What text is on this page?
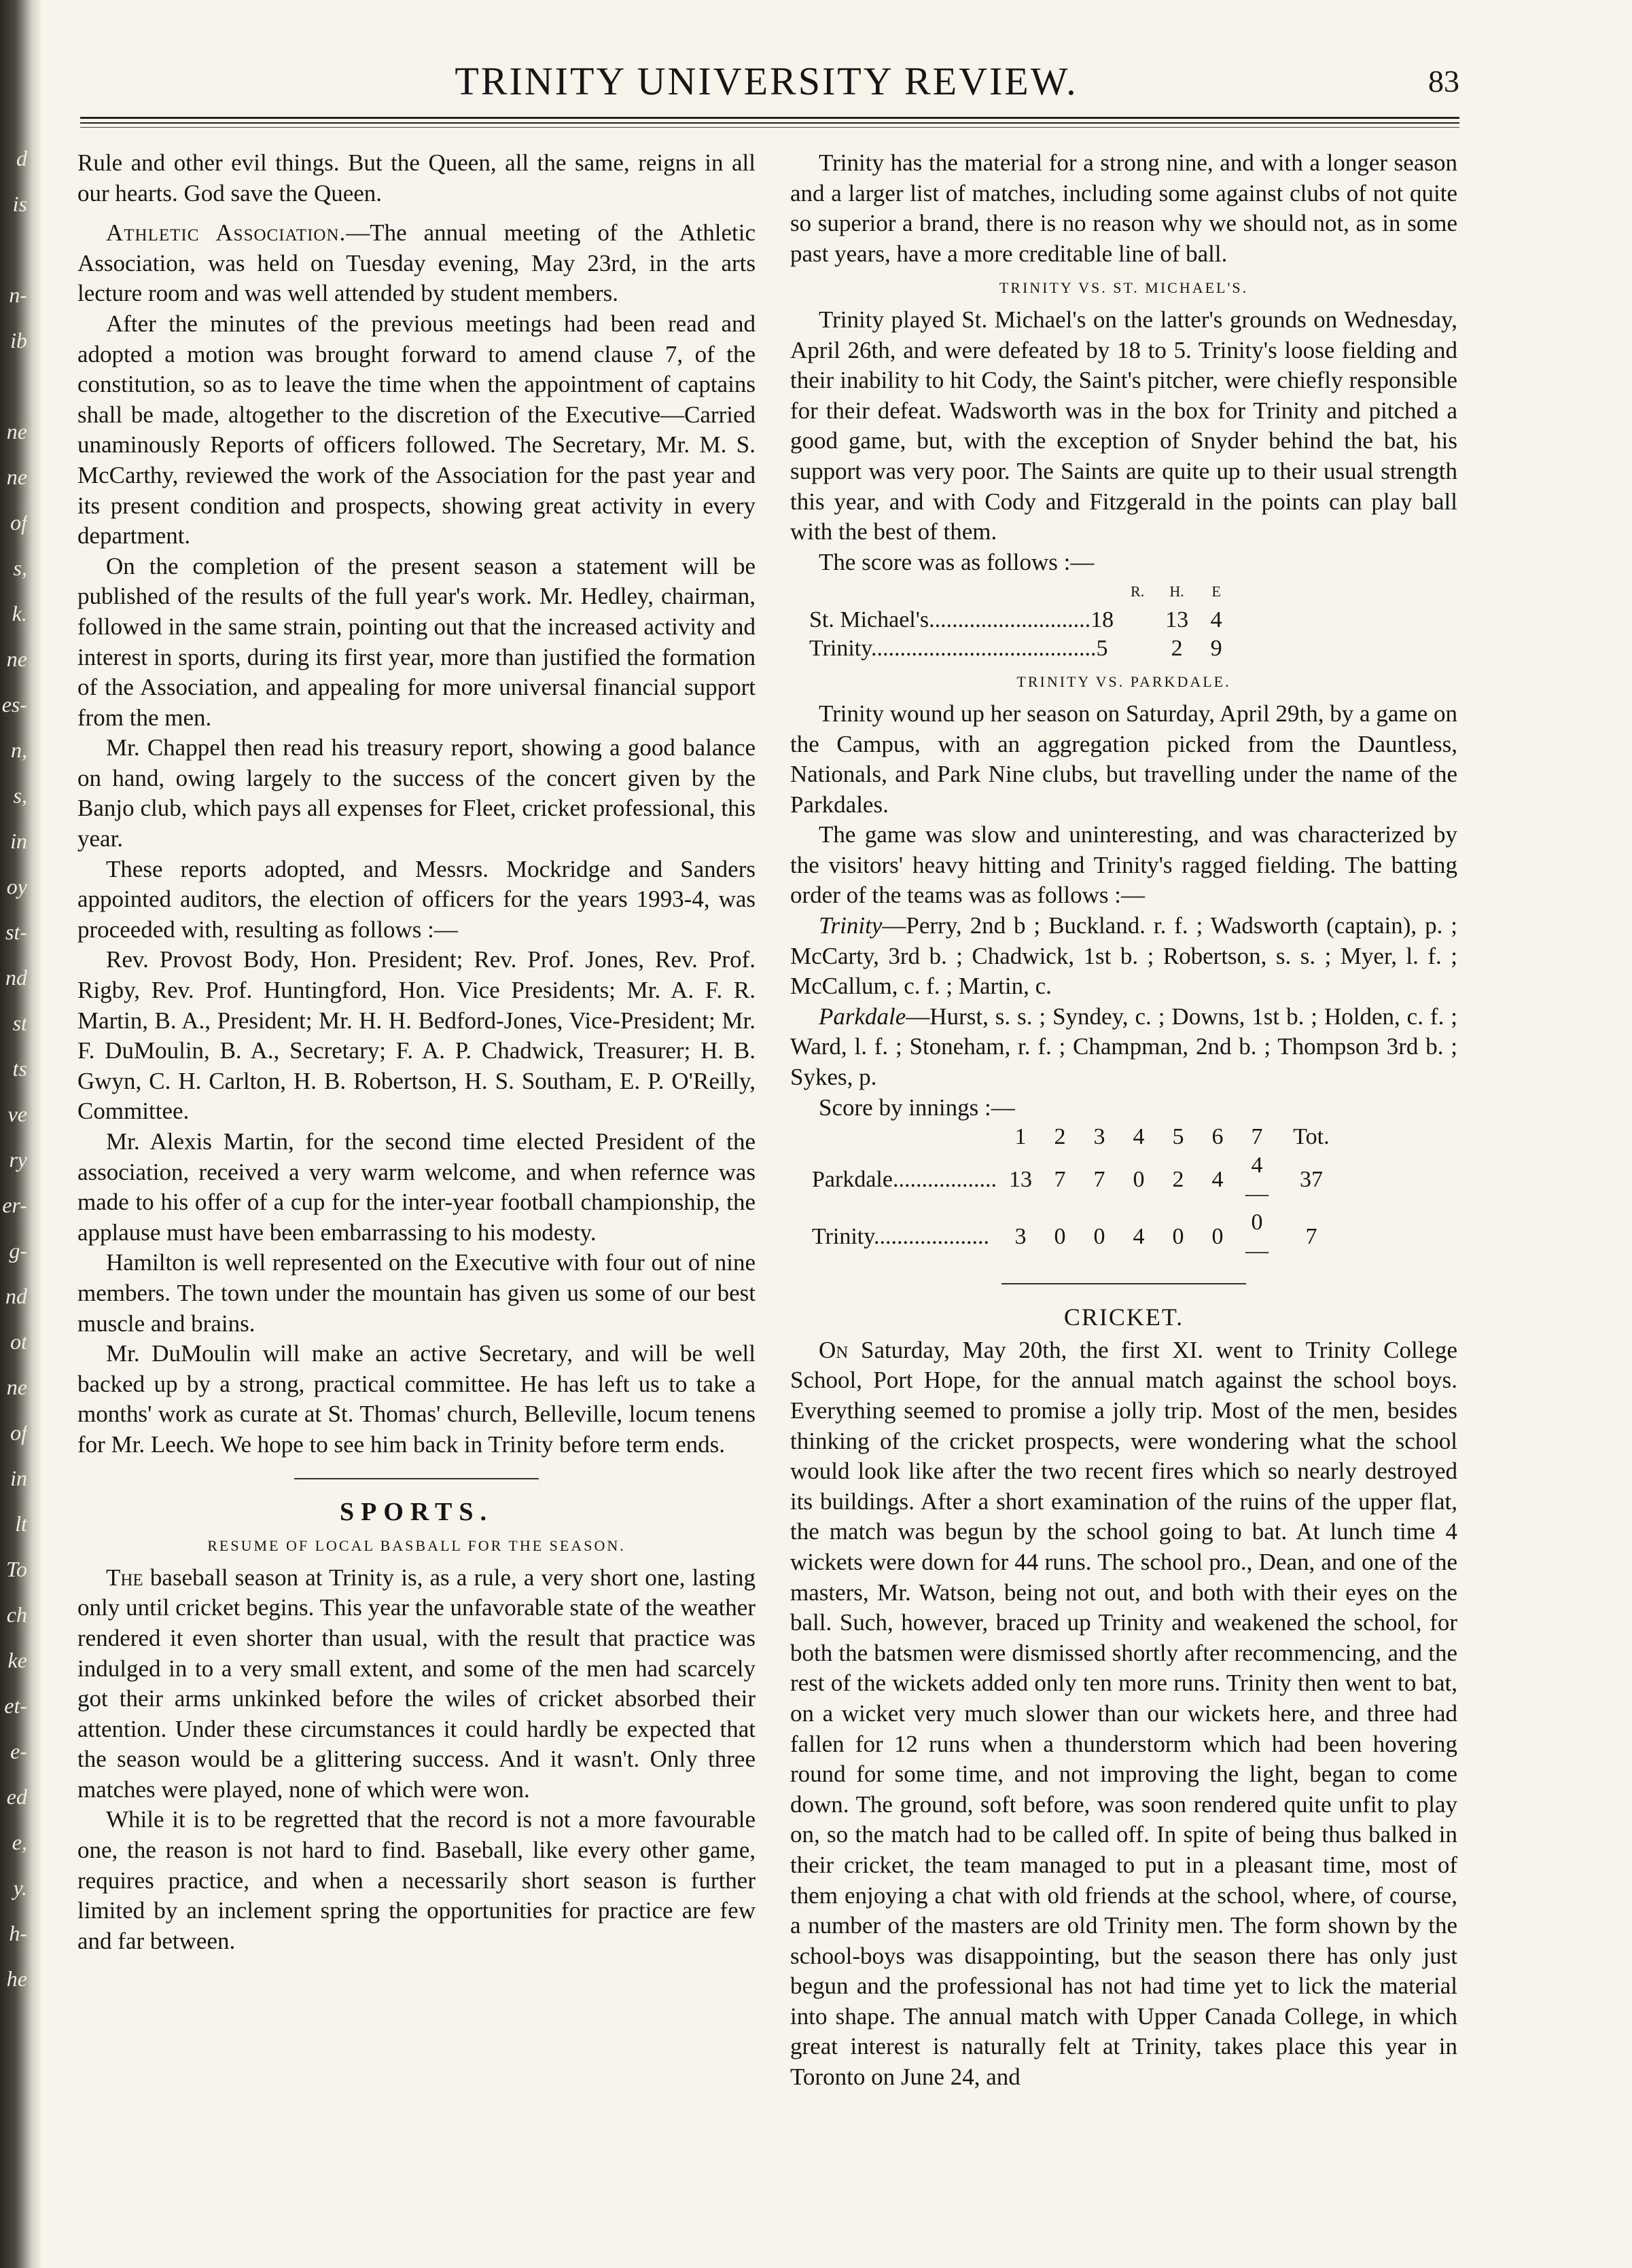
d
is

n-
ib

ne
ne
of
s,
k.
ne
es-
n,
s,
in
oy
st-
nd
st
ts
ve
ry
er-
g-
nd
ot
ne
of
in
lt
To
ch
ke
et-
e-
ed
e,
y.
h-
he
TRINITY UNIVERSITY REVIEW.	83

Rule and other evil things. But the Queen, all the same, reigns in all our hearts. God save the Queen.

Athletic Association.—The annual meeting of the Athletic Association, was held on Tuesday evening, May 23rd, in the arts lecture room and was well attended by student members.

After the minutes of the previous meetings had been read and adopted a motion was brought forward to amend clause 7, of the constitution, so as to leave the time when the appointment of captains shall be made, altogether to the discretion of the Executive—Carried unaminously Reports of officers followed. The Secretary, Mr. M. S. McCarthy, reviewed the work of the Association for the past year and its present condition and prospects, showing great activity in every department.

On the completion of the present season a statement will be published of the results of the full year's work. Mr. Hedley, chairman, followed in the same strain, pointing out that the increased activity and interest in sports, during its first year, more than justified the formation of the Association, and appealing for more universal financial support from the men.

Mr. Chappel then read his treasury report, showing a good balance on hand, owing largely to the success of the concert given by the Banjo club, which pays all expenses for Fleet, cricket professional, this year.

These reports adopted, and Messrs. Mockridge and Sanders appointed auditors, the election of officers for the years 1993-4, was proceeded with, resulting as follows :—

Rev. Provost Body, Hon. President; Rev. Prof. Jones, Rev. Prof. Rigby, Rev. Prof. Huntingford, Hon. Vice Presidents; Mr. A. F. R. Martin, B. A., President; Mr. H. H. Bedford-Jones, Vice-President; Mr. F. DuMoulin, B. A., Secretary; F. A. P. Chadwick, Treasurer; H. B. Gwyn, C. H. Carlton, H. B. Robertson, H. S. Southam, E. P. O'Reilly, Committee.

Mr. Alexis Martin, for the second time elected President of the association, received a very warm welcome, and when refernce was made to his offer of a cup for the inter-year football championship, the applause must have been embarrassing to his modesty.

Hamilton is well represented on the Executive with four out of nine members. The town under the mountain has given us some of our best muscle and brains.

Mr. DuMoulin will make an active Secretary, and will be well backed up by a strong, practical committee. He has left us to take a months' work as curate at St. Thomas' church, Belleville, locum tenens for Mr. Leech. We hope to see him back in Trinity before term ends.

SPORTS.
RESUME OF LOCAL BASBALL FOR THE SEASON.

The baseball season at Trinity is, as a rule, a very short one, lasting only until cricket begins. This year the unfavorable state of the weather rendered it even shorter than usual, with the result that practice was indulged in to a very small extent, and some of the men had scarcely got their arms unkinked before the wiles of cricket absorbed their attention. Under these circumstances it could hardly be expected that the season would be a glittering success. And it wasn't. Only three matches were played, none of which were won.

While it is to be regretted that the record is not a more favourable one, the reason is not hard to find. Baseball, like every other game, requires practice, and when a necessarily short season is further limited by an inclement spring the opportunities for practice are few and far between.

Trinity has the material for a strong nine, and with a longer season and a larger list of matches, including some against clubs of not quite so superior a brand, there is no reason why we should not, as in some past years, have a more creditable line of ball.

TRINITY VS. ST. MICHAEL'S.

Trinity played St. Michael's on the latter's grounds on Wednesday, April 26th, and were defeated by 18 to 5. Trinity's loose fielding and their inability to hit Cody, the Saint's pitcher, were chiefly responsible for their defeat. Wadsworth was in the box for Trinity and pitched a good game, but, with the exception of Snyder behind the bat, his support was very poor. The Saints are quite up to their usual strength this year, and with Cody and Fitzgerald in the points can play ball with the best of them.

The score was as follows :—

	R.	H.	E
St. Michael's............................18		13	4
Trinity.......................................5		2	9
TRINITY VS. PARKDALE.

Trinity wound up her season on Saturday, April 29th, by a game on the Campus, with an aggregation picked from the Dauntless, Nationals, and Park Nine clubs, but travelling under the name of the Parkdales.

The game was slow and uninteresting, and was characterized by the visitors' heavy hitting and Trinity's ragged fielding. The batting order of the teams was as follows :—

Trinity—Perry, 2nd b ; Buckland. r. f. ; Wadsworth (captain), p. ; McCarty, 3rd b. ; Chadwick, 1st b. ; Robertson, s. s. ; Myer, l. f. ; McCallum, c. f. ; Martin, c.

Parkdale—Hurst, s. s. ; Syndey, c. ; Downs, 1st b. ; Holden, c. f. ; Ward, l. f. ; Stoneham, r. f. ; Champman, 2nd b. ; Thompson 3rd b. ; Sykes, p.

Score by innings :—

	1	2	3	4	5	6	7	Tot.
Parkdale..................	13	7	7	0	2	4	4—	37
Trinity....................	3	0	0	4	0	0	0—	7
CRICKET.

On Saturday, May 20th, the first XI. went to Trinity College School, Port Hope, for the annual match against the school boys. Everything seemed to promise a jolly trip. Most of the men, besides thinking of the cricket prospects, were wondering what the school would look like after the two recent fires which so nearly destroyed its buildings. After a short examination of the ruins of the upper flat, the match was begun by the school going to bat. At lunch time 4 wickets were down for 44 runs. The school pro., Dean, and one of the masters, Mr. Watson, being not out, and both with their eyes on the ball. Such, however, braced up Trinity and weakened the school, for both the batsmen were dismissed shortly after recommencing, and the rest of the wickets added only ten more runs. Trinity then went to bat, on a wicket very much slower than our wickets here, and three had fallen for 12 runs when a thunderstorm which had been hovering round for some time, and not improving the light, began to come down. The ground, soft before, was soon rendered quite unfit to play on, so the match had to be called off. In spite of being thus balked in their cricket, the team managed to put in a pleasant time, most of them enjoying a chat with old friends at the school, where, of course, a number of the masters are old Trinity men. The form shown by the school-boys was disappointing, but the season there has only just begun and the professional has not had time yet to lick the material into shape. The annual match with Upper Canada College, in which great interest is naturally felt at Trinity, takes place this year in Toronto on June 24, and
